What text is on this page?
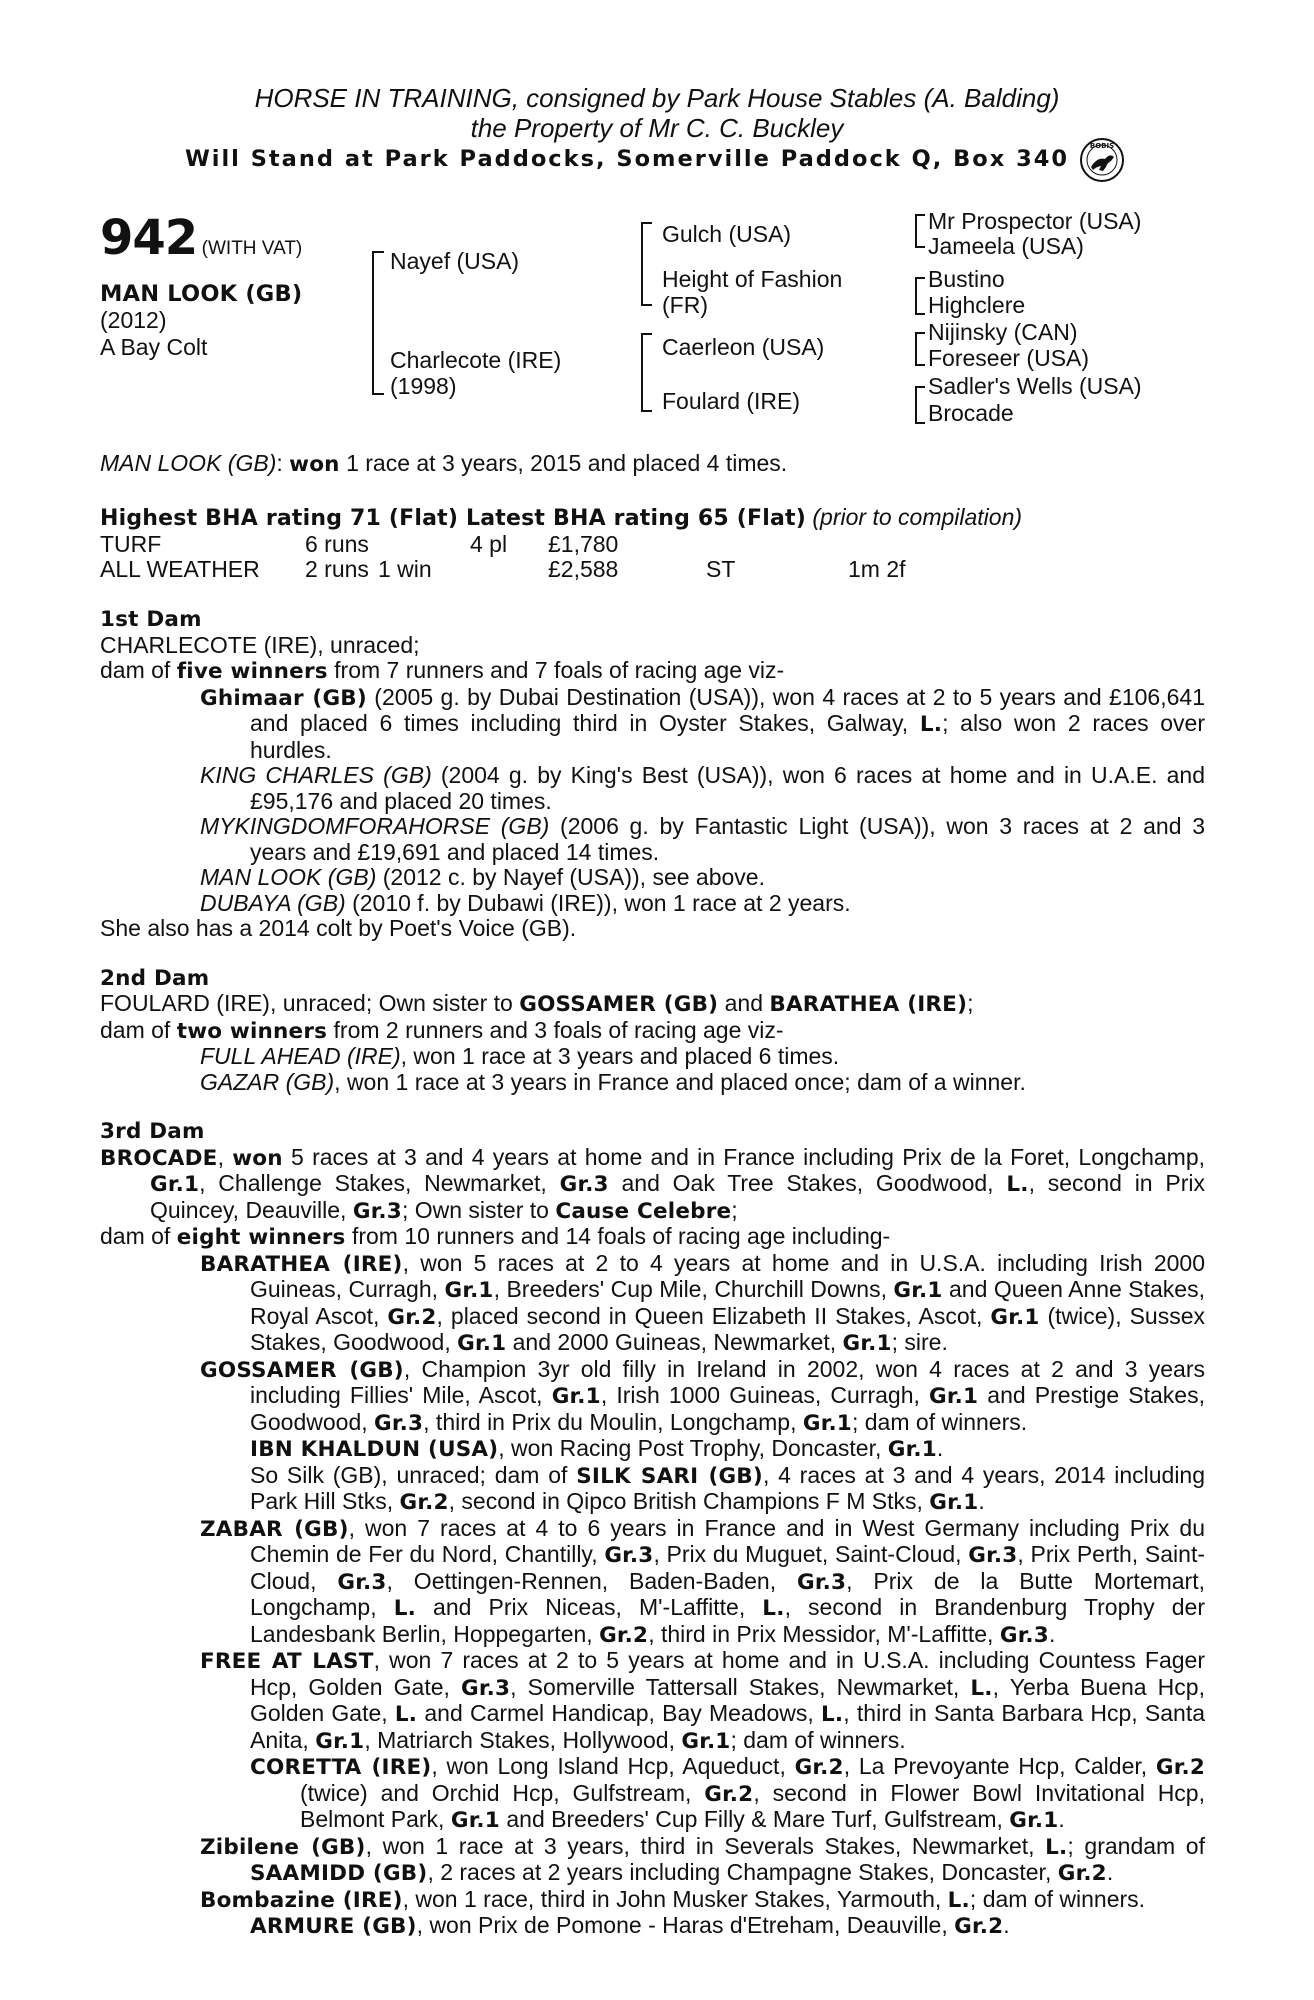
HORSE IN TRAINING, consigned by Park House Stables (A. Balding)
the Property of Mr C. C. Buckley
Will Stand at Park Paddocks, Somerville Paddock Q, Box 340	BOBIS
942 (WITH VAT)
MAN LOOK (GB)
(2012)
A Bay Colt
Nayef (USA)
Charlecote (IRE)
(1998)
Gulch (USA)
Height of Fashion
(FR)
Caerleon (USA)
Foulard (IRE)
Mr Prospector (USA)
Jameela (USA)
Bustino
Highclere
Nijinsky (CAN)
Foreseer (USA)
Sadler's Wells (USA)
Brocade
MAN LOOK (GB): won 1 race at 3 years, 2015 and placed 4 times.
Highest BHA rating 71 (Flat) Latest BHA rating 65 (Flat) (prior to compilation)
TURF	6 runs	4 pl £1,780
ALL WEATHER 2 runs 1 win	£2,588	ST	1m 2f

1st Dam

CHARLECOTE (IRE), unraced;

dam of five winners from 7 runners and 7 foals of racing age viz-

Ghimaar (GB) (2005 g. by Dubai Destination (USA)), won 4 races at 2 to 5 years and £106,641 and placed 6 times including third in Oyster Stakes, Galway, L.; also won 2 races over hurdles.

KING CHARLES (GB) (2004 g. by King's Best (USA)), won 6 races at home and in U.A.E. and £95,176 and placed 20 times.

MYKINGDOMFORAHORSE (GB) (2006 g. by Fantastic Light (USA)), won 3 races at 2 and 3 years and £19,691 and placed 14 times.

MAN LOOK (GB) (2012 c. by Nayef (USA)), see above.

DUBAYA (GB) (2010 f. by Dubawi (IRE)), won 1 race at 2 years.

She also has a 2014 colt by Poet's Voice (GB).

2nd Dam

FOULARD (IRE), unraced; Own sister to GOSSAMER (GB) and BARATHEA (IRE);

dam of two winners from 2 runners and 3 foals of racing age viz-

FULL AHEAD (IRE), won 1 race at 3 years and placed 6 times.

GAZAR (GB), won 1 race at 3 years in France and placed once; dam of a winner.

3rd Dam

BROCADE, won 5 races at 3 and 4 years at home and in France including Prix de la Foret, Longchamp, Gr.1, Challenge Stakes, Newmarket, Gr.3 and Oak Tree Stakes, Goodwood, L., second in Prix Quincey, Deauville, Gr.3; Own sister to Cause Celebre;

dam of eight winners from 10 runners and 14 foals of racing age including-

BARATHEA (IRE), won 5 races at 2 to 4 years at home and in U.S.A. including Irish 2000 Guineas, Curragh, Gr.1, Breeders' Cup Mile, Churchill Downs, Gr.1 and Queen Anne Stakes, Royal Ascot, Gr.2, placed second in Queen Elizabeth II Stakes, Ascot, Gr.1 (twice), Sussex Stakes, Goodwood, Gr.1 and 2000 Guineas, Newmarket, Gr.1; sire.

GOSSAMER (GB), Champion 3yr old filly in Ireland in 2002, won 4 races at 2 and 3 years including Fillies' Mile, Ascot, Gr.1, Irish 1000 Guineas, Curragh, Gr.1 and Prestige Stakes, Goodwood, Gr.3, third in Prix du Moulin, Longchamp, Gr.1; dam of winners.

IBN KHALDUN (USA), won Racing Post Trophy, Doncaster, Gr.1.

So Silk (GB), unraced; dam of SILK SARI (GB), 4 races at 3 and 4 years, 2014 including Park Hill Stks, Gr.2, second in Qipco British Champions F M Stks, Gr.1.

ZABAR (GB), won 7 races at 4 to 6 years in France and in West Germany including Prix du Chemin de Fer du Nord, Chantilly, Gr.3, Prix du Muguet, Saint-Cloud, Gr.3, Prix Perth, Saint-Cloud, Gr.3, Oettingen-Rennen, Baden-Baden, Gr.3, Prix de la Butte Mortemart, Longchamp, L. and Prix Niceas, M'-Laffitte, L., second in Brandenburg Trophy der Landesbank Berlin, Hoppegarten, Gr.2, third in Prix Messidor, M'-Laffitte, Gr.3.

FREE AT LAST, won 7 races at 2 to 5 years at home and in U.S.A. including Countess Fager Hcp, Golden Gate, Gr.3, Somerville Tattersall Stakes, Newmarket, L., Yerba Buena Hcp, Golden Gate, L. and Carmel Handicap, Bay Meadows, L., third in Santa Barbara Hcp, Santa Anita, Gr.1, Matriarch Stakes, Hollywood, Gr.1; dam of winners.

CORETTA (IRE), won Long Island Hcp, Aqueduct, Gr.2, La Prevoyante Hcp, Calder, Gr.2 (twice) and Orchid Hcp, Gulfstream, Gr.2, second in Flower Bowl Invitational Hcp, Belmont Park, Gr.1 and Breeders' Cup Filly & Mare Turf, Gulfstream, Gr.1.

Zibilene (GB), won 1 race at 3 years, third in Severals Stakes, Newmarket, L.; grandam of SAAMIDD (GB), 2 races at 2 years including Champagne Stakes, Doncaster, Gr.2.

Bombazine (IRE), won 1 race, third in John Musker Stakes, Yarmouth, L.; dam of winners.

ARMURE (GB), won Prix de Pomone - Haras d'Etreham, Deauville, Gr.2.
